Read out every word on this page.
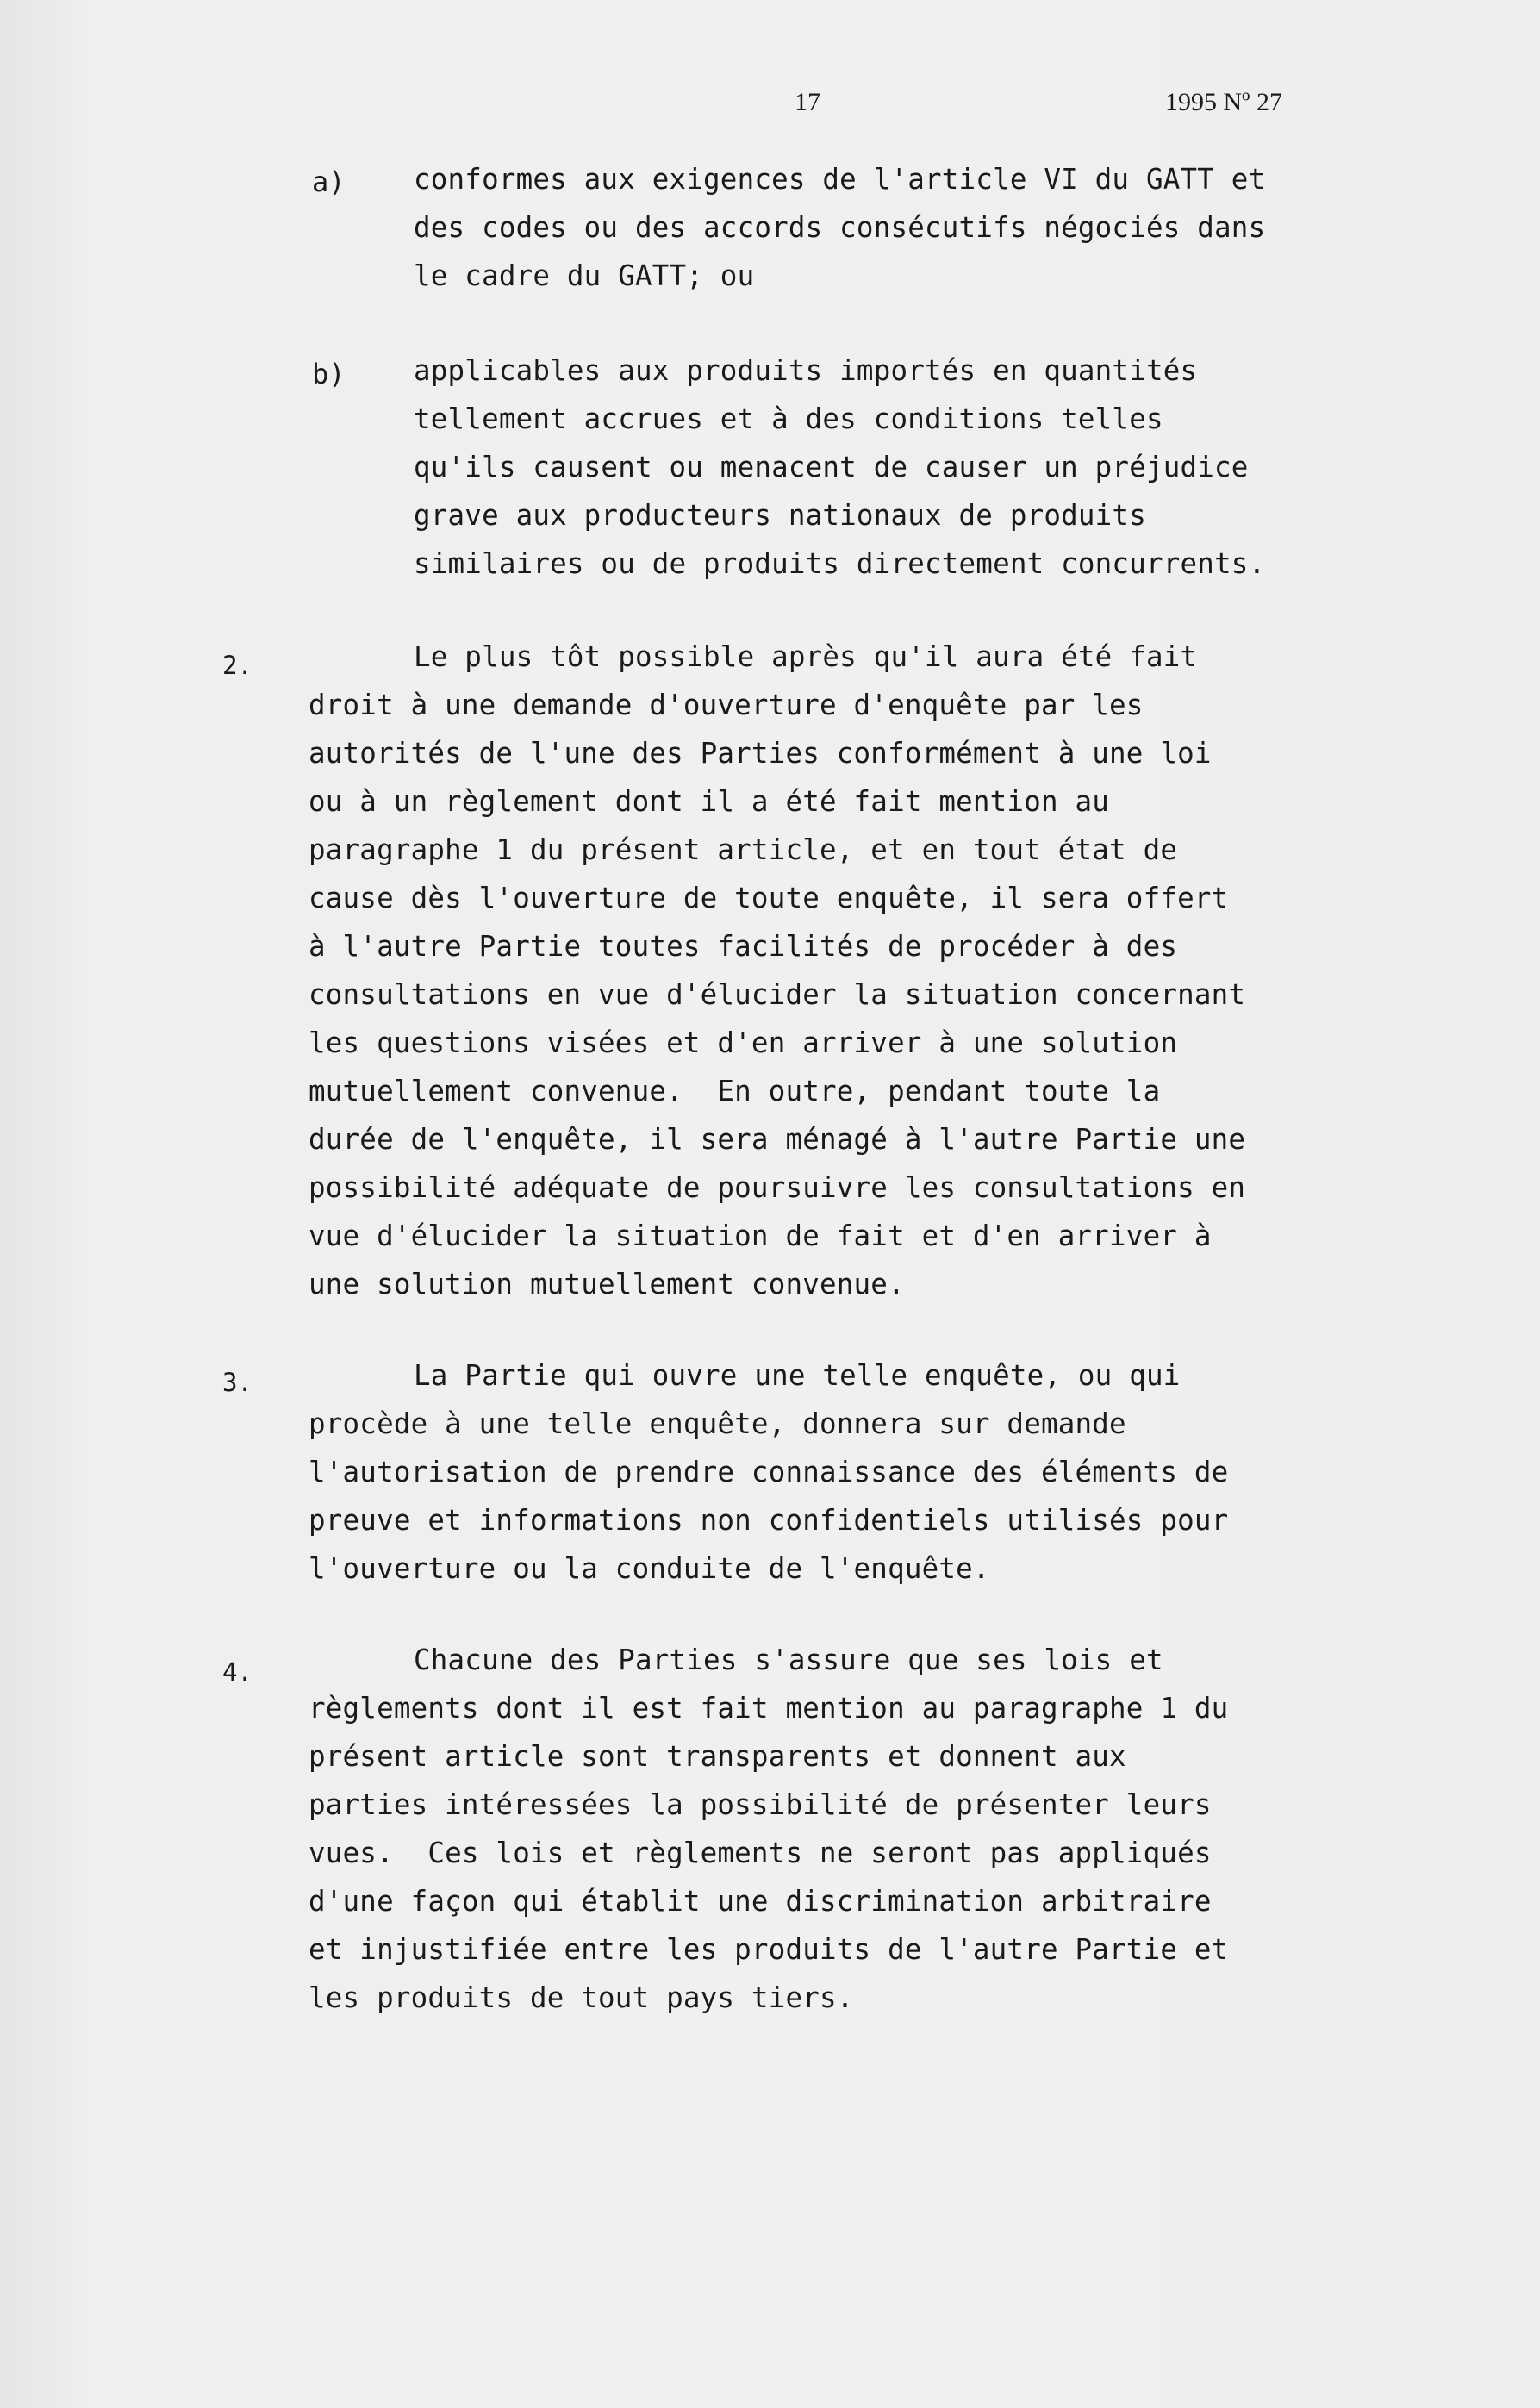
17	1995 Nº 27
a) conformes aux exigences de l'article VI du GATT et
des codes ou des accords consécutifs négociés dans
le cadre du GATT; ou
b) applicables aux produits importés en quantités
tellement accrues et à des conditions telles
qu'ils causent ou menacent de causer un préjudice
grave aux producteurs nationaux de produits
similaires ou de produits directement concurrents.
2.	Le plus tôt possible après qu'il aura été fait
droit à une demande d'ouverture d'enquête par les
autorités de l'une des Parties conformément à une loi
ou à un règlement dont il a été fait mention au
paragraphe 1 du présent article, et en tout état de
cause dès l'ouverture de toute enquête, il sera offert
à l'autre Partie toutes facilités de procéder à des
consultations en vue d'élucider la situation concernant
les questions visées et d'en arriver à une solution
mutuellement convenue.  En outre, pendant toute la
durée de l'enquête, il sera ménagé à l'autre Partie une
possibilité adéquate de poursuivre les consultations en
vue d'élucider la situation de fait et d'en arriver à
une solution mutuellement convenue.
3.	La Partie qui ouvre une telle enquête, ou qui
procède à une telle enquête, donnera sur demande
l'autorisation de prendre connaissance des éléments de
preuve et informations non confidentiels utilisés pour
l'ouverture ou la conduite de l'enquête.
4.	Chacune des Parties s'assure que ses lois et
règlements dont il est fait mention au paragraphe 1 du
présent article sont transparents et donnent aux
parties intéressées la possibilité de présenter leurs
vues.  Ces lois et règlements ne seront pas appliqués
d'une façon qui établit une discrimination arbitraire
et injustifiée entre les produits de l'autre Partie et
les produits de tout pays tiers.
